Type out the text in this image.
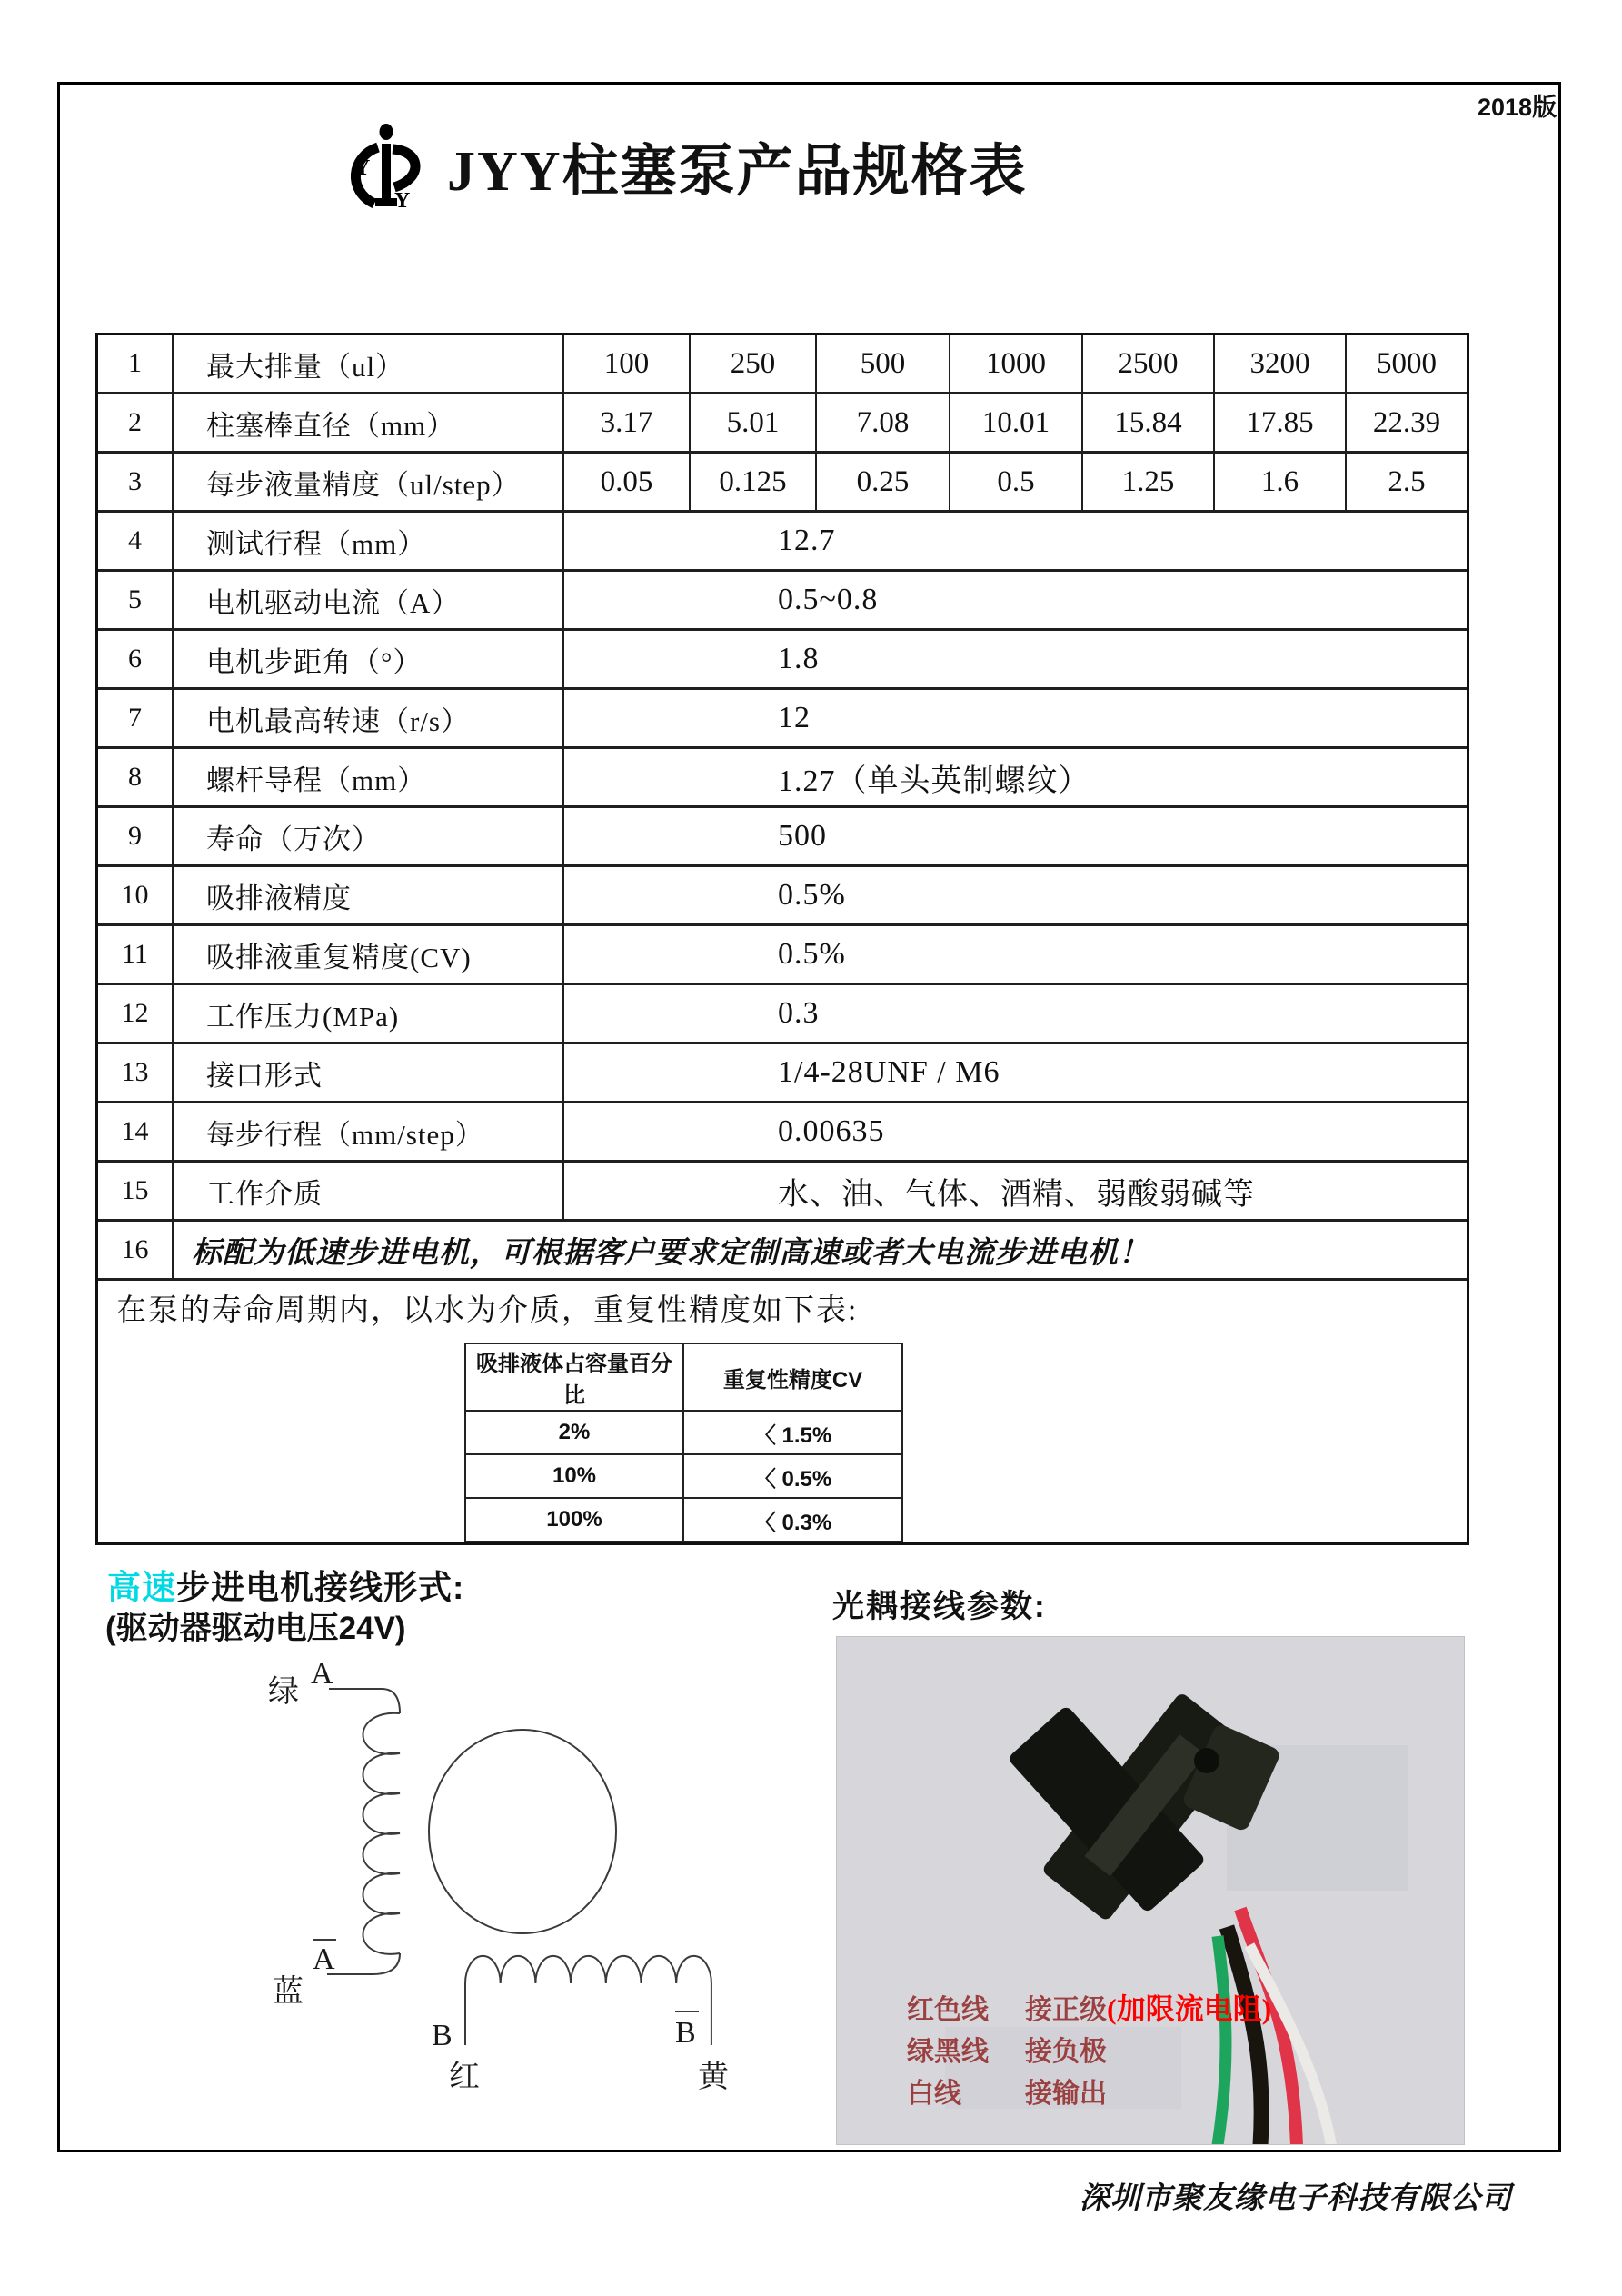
2018版
Y
Y JYY柱塞泵产品规格表
1	最大排量（ul）	100	250	500	1000	2500	3200	5000
2	柱塞棒直径（mm）	3.17	5.01	7.08	10.01	15.84	17.85	22.39
3	每步液量精度（ul/step）	0.05	0.125	0.25	0.5	1.25	1.6	2.5
4	测试行程（mm）	12.7						
5	电机驱动电流（A）	0.5~0.8						
6	电机步距角（°）	1.8						
7	电机最高转速（r/s）	12						
8	螺杆导程（mm）	1.27（单头英制螺纹）						
9	寿命（万次）	500						
10	吸排液精度	0.5%						
11	吸排液重复精度(CV)	0.5%						
12	工作压力(MPa)	0.3						
13	接口形式	1/4-28UNF / M6						
14	每步行程（mm/step）	0.00635						
15	工作介质	水、油、气体、酒精、弱酸弱碱等						
16	标配为低速步进电机，可根据客户要求定制高速或者大电流步进电机！							
在泵的寿命周期内，以水为介质，重复性精度如下表:
吸排液体占容量百分比	重复性精度CV
2%	〈 1.5%
10%	〈 0.5%
100%	〈 0.3%
高速步进电机接线形式:
(驱动器驱动电压24V)
绿
A
A
蓝
B	B
红	黄
光耦接线参数:
红色线 接正级(加限流电阻)
绿黑线 接负极
白线 接输出
深圳市聚友缘电子科技有限公司
